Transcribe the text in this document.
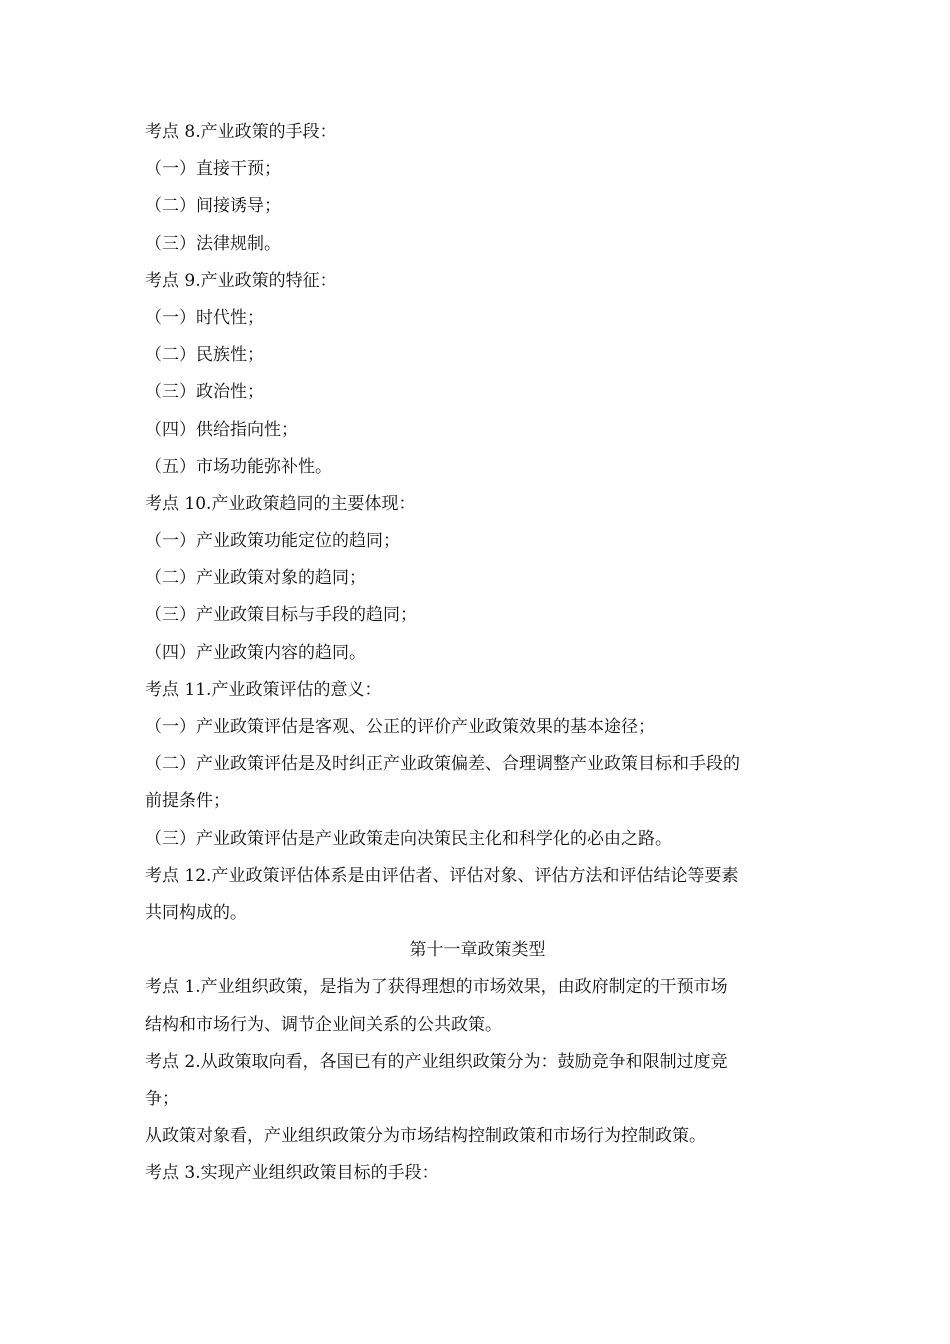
考点 8.产业政策的手段：
（一）直接干预；
（二）间接诱导；
（三）法律规制。
考点 9.产业政策的特征：
（一）时代性；
（二）民族性；
（三）政治性；
（四）供给指向性；
（五）市场功能弥补性。
考点 10.产业政策趋同的主要体现：
（一）产业政策功能定位的趋同；
（二）产业政策对象的趋同；
（三）产业政策目标与手段的趋同；
（四）产业政策内容的趋同。
考点 11.产业政策评估的意义：
（一）产业政策评估是客观、公正的评价产业政策效果的基本途径；
（二）产业政策评估是及时纠正产业政策偏差、合理调整产业政策目标和手段的
前提条件；
（三）产业政策评估是产业政策走向决策民主化和科学化的必由之路。
考点 12.产业政策评估体系是由评估者、评估对象、评估方法和评估结论等要素
共同构成的。
第十一章政策类型
考点 1.产业组织政策，是指为了获得理想的市场效果，由政府制定的干预市场
结构和市场行为、调节企业间关系的公共政策。
考点 2.从政策取向看，各国已有的产业组织政策分为：鼓励竞争和限制过度竞
争；
从政策对象看，产业组织政策分为市场结构控制政策和市场行为控制政策。
考点 3.实现产业组织政策目标的手段：
